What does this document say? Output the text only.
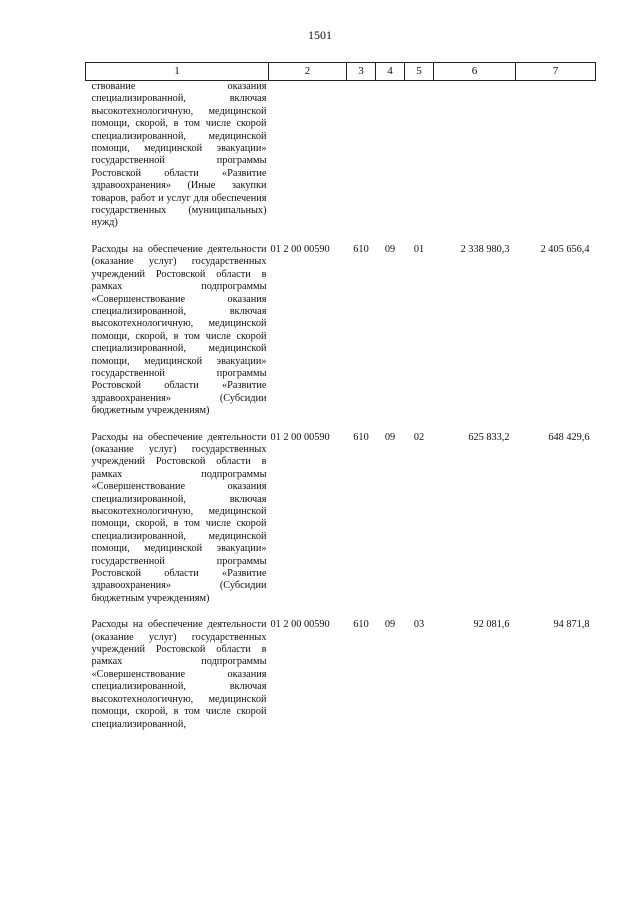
1501
1	2	3	4	5	6	7
ствование оказания специализированной, включая высокотехнологичную, медицинской помощи, скорой, в том числе скорой специализированной, медицинской помощи, медицинской эвакуации» государственной программы Ростовской области «Развитие здравоохранения» (Иные закупки товаров, работ и услуг для обеспечения государственных (муниципальных) нужд)						
Расходы на обеспечение деятельности (оказание услуг) государственных учреждений Ростовской области в рамках подпрограммы «Совершенствование оказания специализированной, включая высокотехнологичную, медицинской помощи, скорой, в том числе скорой специализированной, медицинской помощи, медицинской эвакуации» государственной программы Ростовской области «Развитие здравоохранения» (Субсидии бюджетным учреждениям)	01 2 00 00590	610	09	01	2 338 980,3	2 405 656,4
Расходы на обеспечение деятельности (оказание услуг) государственных учреждений Ростовской области в рамках подпрограммы «Совершенствование оказания специализированной, включая высокотехнологичную, медицинской помощи, скорой, в том числе скорой специализированной, медицинской помощи, медицинской эвакуации» государственной программы Ростовской области «Развитие здравоохранения» (Субсидии бюджетным учреждениям)	01 2 00 00590	610	09	02	625 833,2	648 429,6
Расходы на обеспечение деятельности (оказание услуг) государственных учреждений Ростовской области в рамках подпрограммы «Совершенствование оказания специализированной, включая высокотехнологичную, медицинской помощи, скорой, в том числе скорой специализированной,	01 2 00 00590	610	09	03	92 081,6	94 871,8
